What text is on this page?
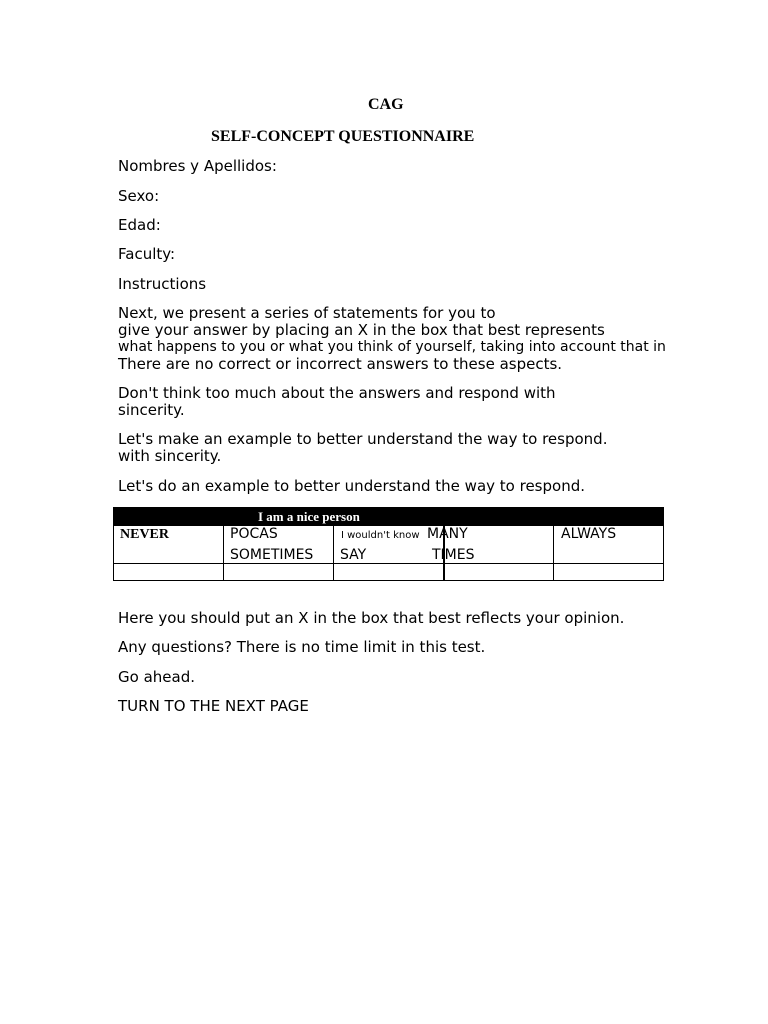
CAG
SELF-CONCEPT QUESTIONNAIRE
Nombres y Apellidos:
Sexo:
Edad:
Faculty:
Instructions
Next, we present a series of statements for you to
give your answer by placing an X in the box that best represents
what happens to you or what you think of yourself, taking into account that in
There are no correct or incorrect answers to these aspects.
Don't think too much about the answers and respond with
sincerity.
Let's make an example to better understand the way to respond.
with sincerity.
Let's do an example to better understand the way to respond.
I am a nice person
NEVER	POCAS
SOMETIMES
I wouldn't know
SAY
MANY
TIMES
ALWAYS
Here you should put an X in the box that best reflects your opinion.
Any questions? There is no time limit in this test.
Go ahead.
TURN TO THE NEXT PAGE
